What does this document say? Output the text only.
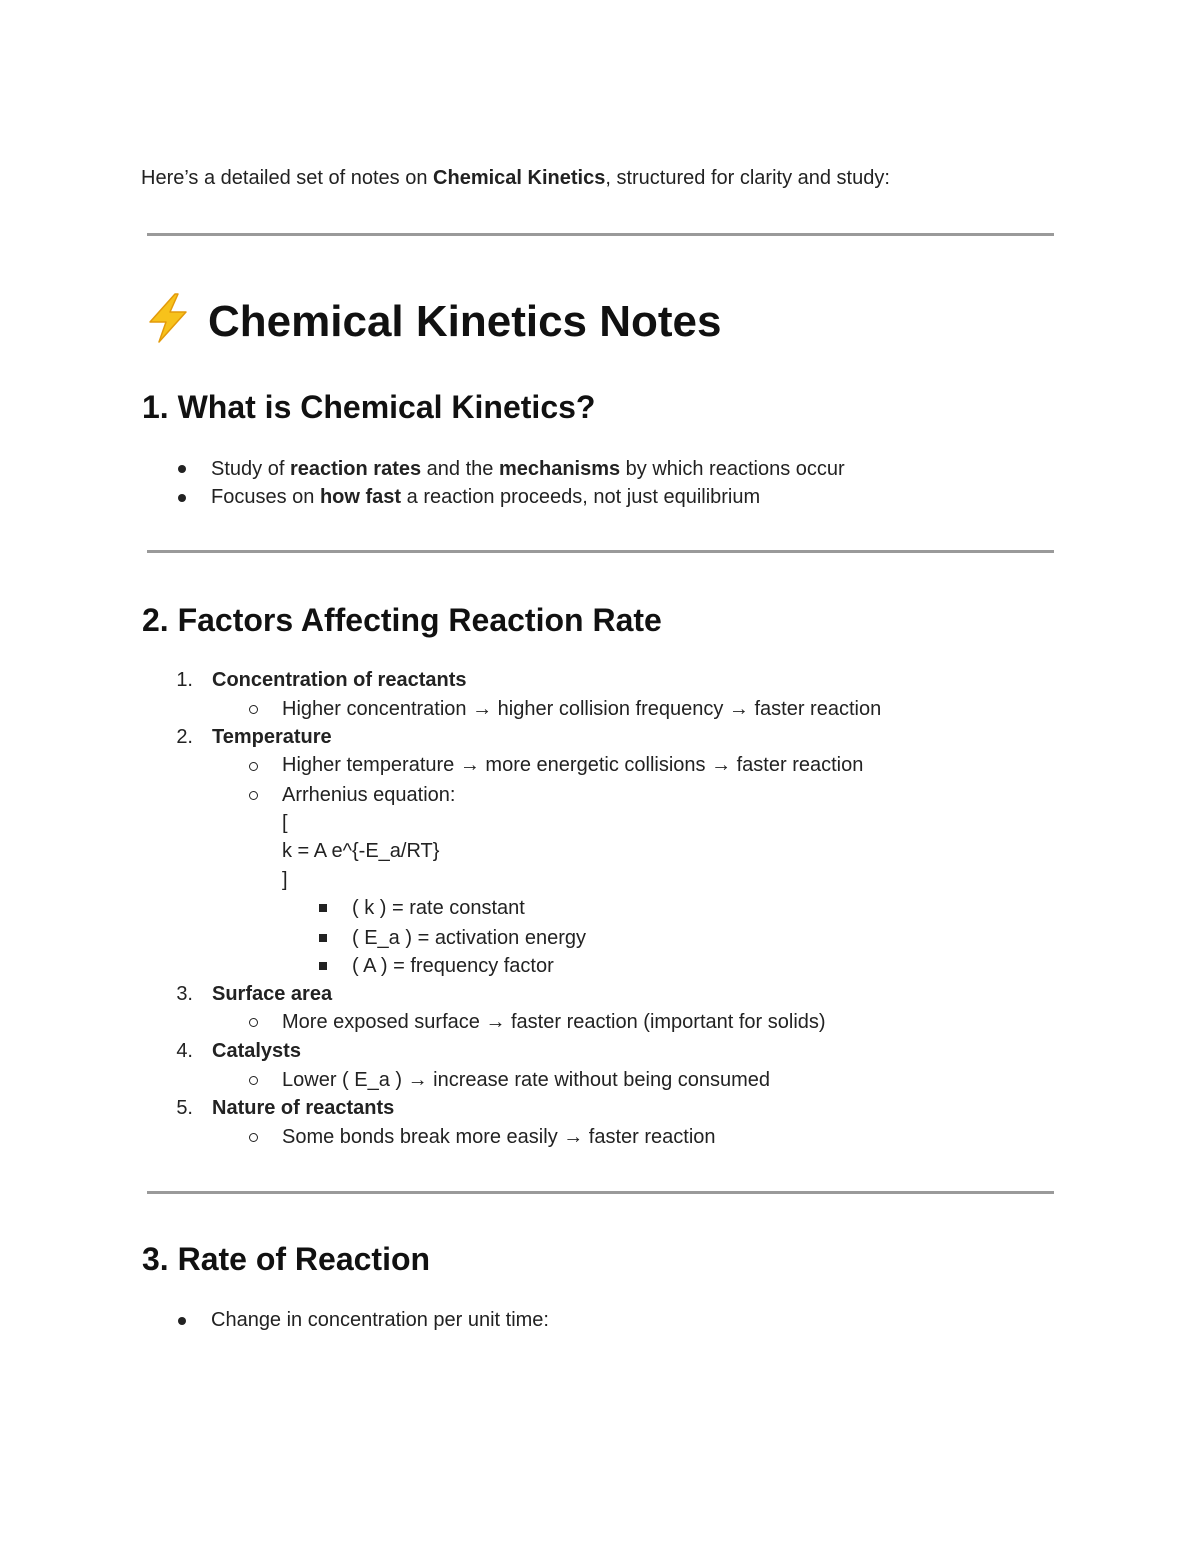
Here’s a detailed set of notes on Chemical Kinetics, structured for clarity and study:
Chemical Kinetics Notes
1. What is Chemical Kinetics?
Study of reaction rates and the mechanisms by which reactions occur
Focuses on how fast a reaction proceeds, not just equilibrium
2. Factors Affecting Reaction Rate
1. Concentration of reactants
Higher concentration → higher collision frequency → faster reaction
2. Temperature
Higher temperature → more energetic collisions → faster reaction
Arrhenius equation:
[
k = A e^{-E_a/RT}
]
( k ) = rate constant
( E_a ) = activation energy
( A ) = frequency factor
3. Surface area
More exposed surface → faster reaction (important for solids)
4. Catalysts
Lower ( E_a ) → increase rate without being consumed
5. Nature of reactants
Some bonds break more easily → faster reaction
3. Rate of Reaction
Change in concentration per unit time:
